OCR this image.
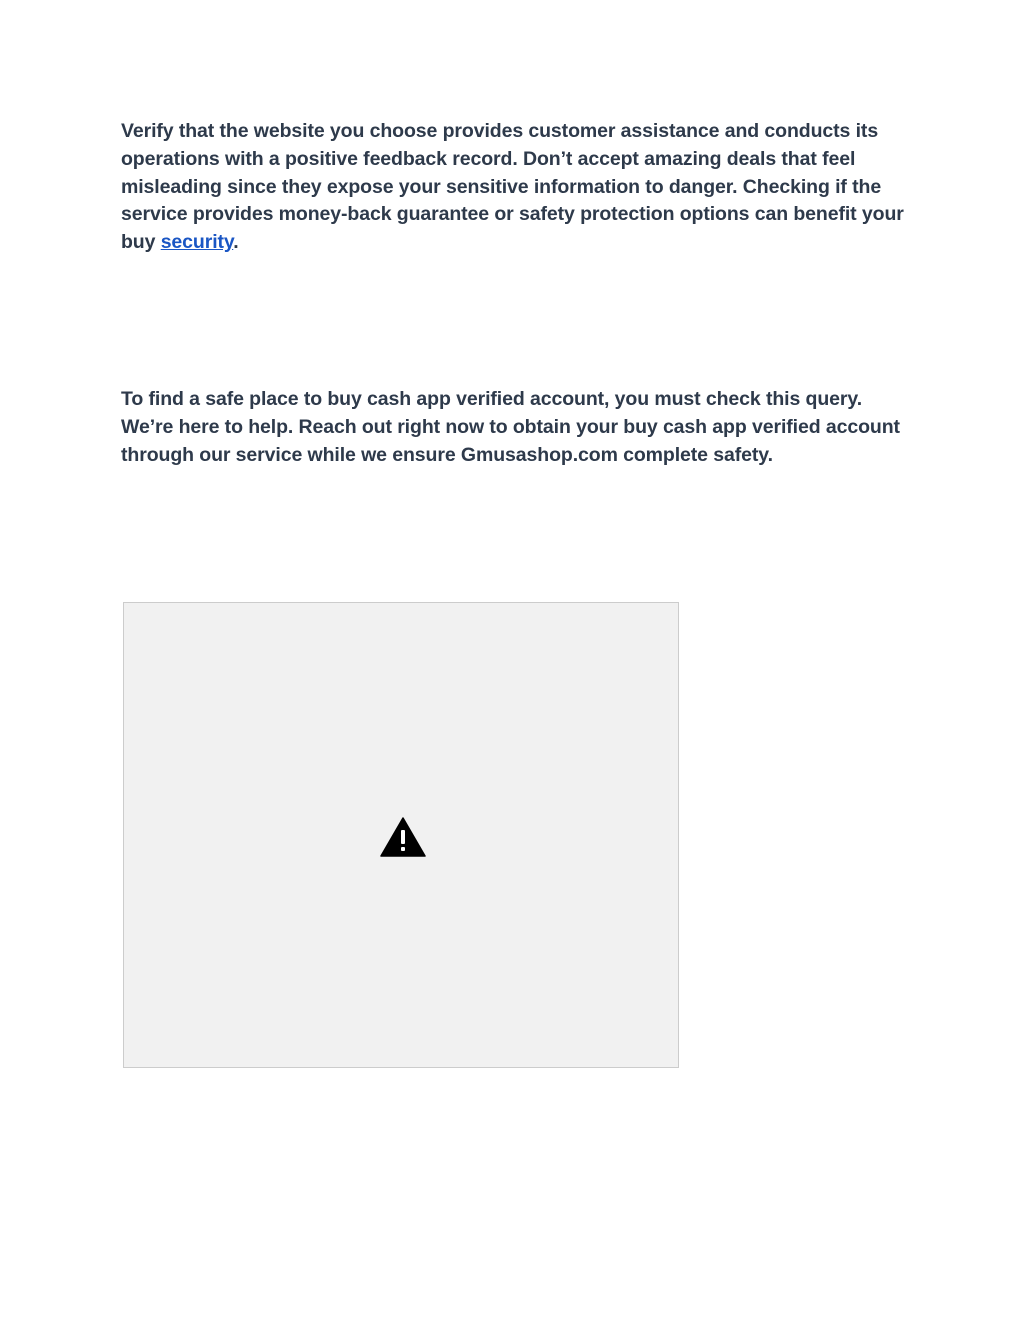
Verify that the website you choose provides customer assistance and conducts its operations with a positive feedback record. Don’t accept amazing deals that feel misleading since they expose your sensitive information to danger. Checking if the service provides money-back guarantee or safety protection options can benefit your buy security.

To find a safe place to buy cash app verified account, you must check this query. We’re here to help. Reach out right now to obtain your buy cash app verified account through our service while we ensure Gmusashop.com complete safety.
